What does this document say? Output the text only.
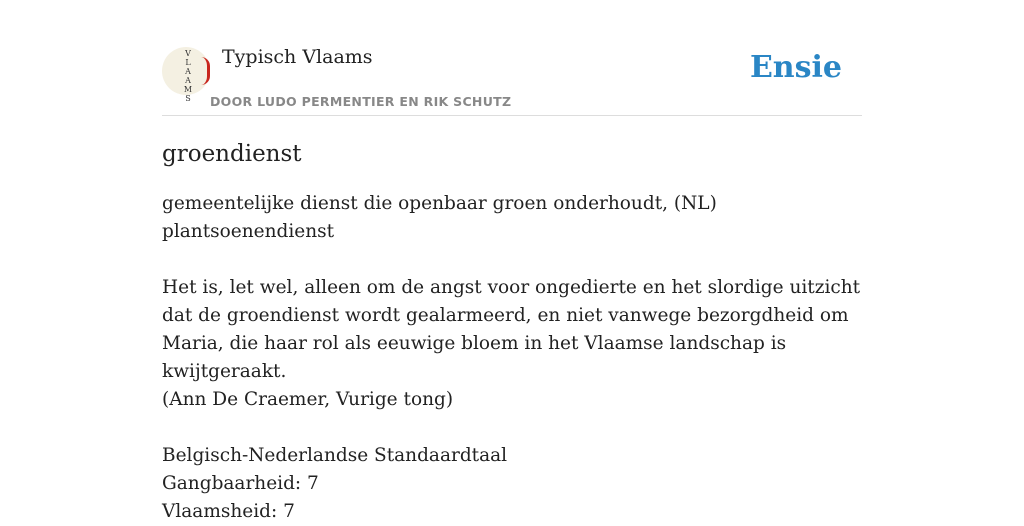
V
L
A
A
M
S
Typisch Vlaams
DOOR LUDO PERMENTIER EN RIK SCHUTZ
Ensie
groendienst
gemeentelijke dienst die openbaar groen onderhoudt, (NL) plantsoenendienst
Het is, let wel, alleen om de angst voor ongedierte en het slordige uitzicht dat de groendienst wordt gealarmeerd, en niet vanwege bezorgdheid om Maria, die haar rol als eeuwige bloem in het Vlaamse landschap is kwijtgeraakt.
(Ann De Craemer, Vurige tong)
Belgisch-Nederlandse Standaardtaal
Gangbaarheid: 7
Vlaamsheid: 7
